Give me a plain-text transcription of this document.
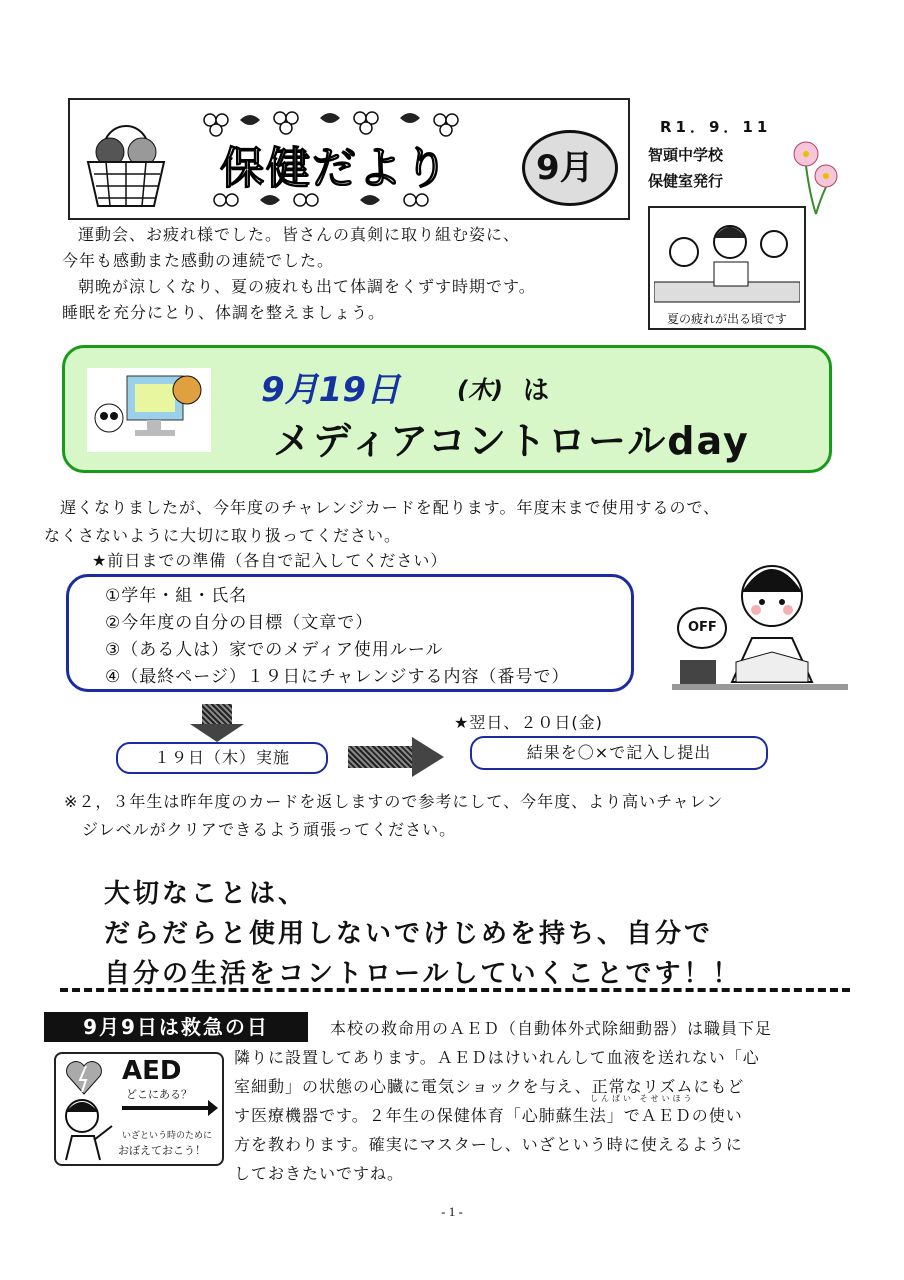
保健だより	9月
R1．9．11
智頭中学校
保健室発行
運動会、お疲れ様でした。皆さんの真剣に取り組む姿に、
今年も感動また感動の連続でした。
朝晩が涼しくなり、夏の疲れも出て体調をくずす時期です。
睡眠を充分にとり、体調を整えましょう。	夏の疲れが出る頃です
9月19日 (木) は
メディアコントロールday
遅くなりましたが、今年度のチャレンジカードを配ります。年度末まで使用するので、
なくさないように大切に取り扱ってください。
★前日までの準備（各自で記入してください）
①学年・組・氏名
②今年度の自分の目標（文章で）
③（ある人は）家でのメディア使用ルール
④（最終ページ）１９日にチャレンジする内容（番号で）
OFF
１９日（木）実施
★翌日、２０日(金)
結果を〇×で記入し提出
※２，３年生は昨年度のカードを返しますので参考にして、今年度、より高いチャレン
ジレベルがクリアできるよう頑張ってください。
大切なことは、
だらだらと使用しないでけじめを持ち、自分で
自分の生活をコントロールしていくことです！！
9月9日は救急の日	本校の救命用のＡＥＤ（自動体外式除細動器）は職員下足
隣りに設置してあります。ＡＥＤはけいれんして血液を送れない「心
室細動」の状態の心臓に電気ショックを与え、正常なリズムにもど
しんぱい そせいほう
す医療機器です。２年生の保健体育「心肺蘇生法」でＡＥＤの使い
方を教わります。確実にマスターし、いざという時に使えるように
しておきたいですね。
AED
どこにある？
いざという時のために
おぼえておこう！
- 1 -
